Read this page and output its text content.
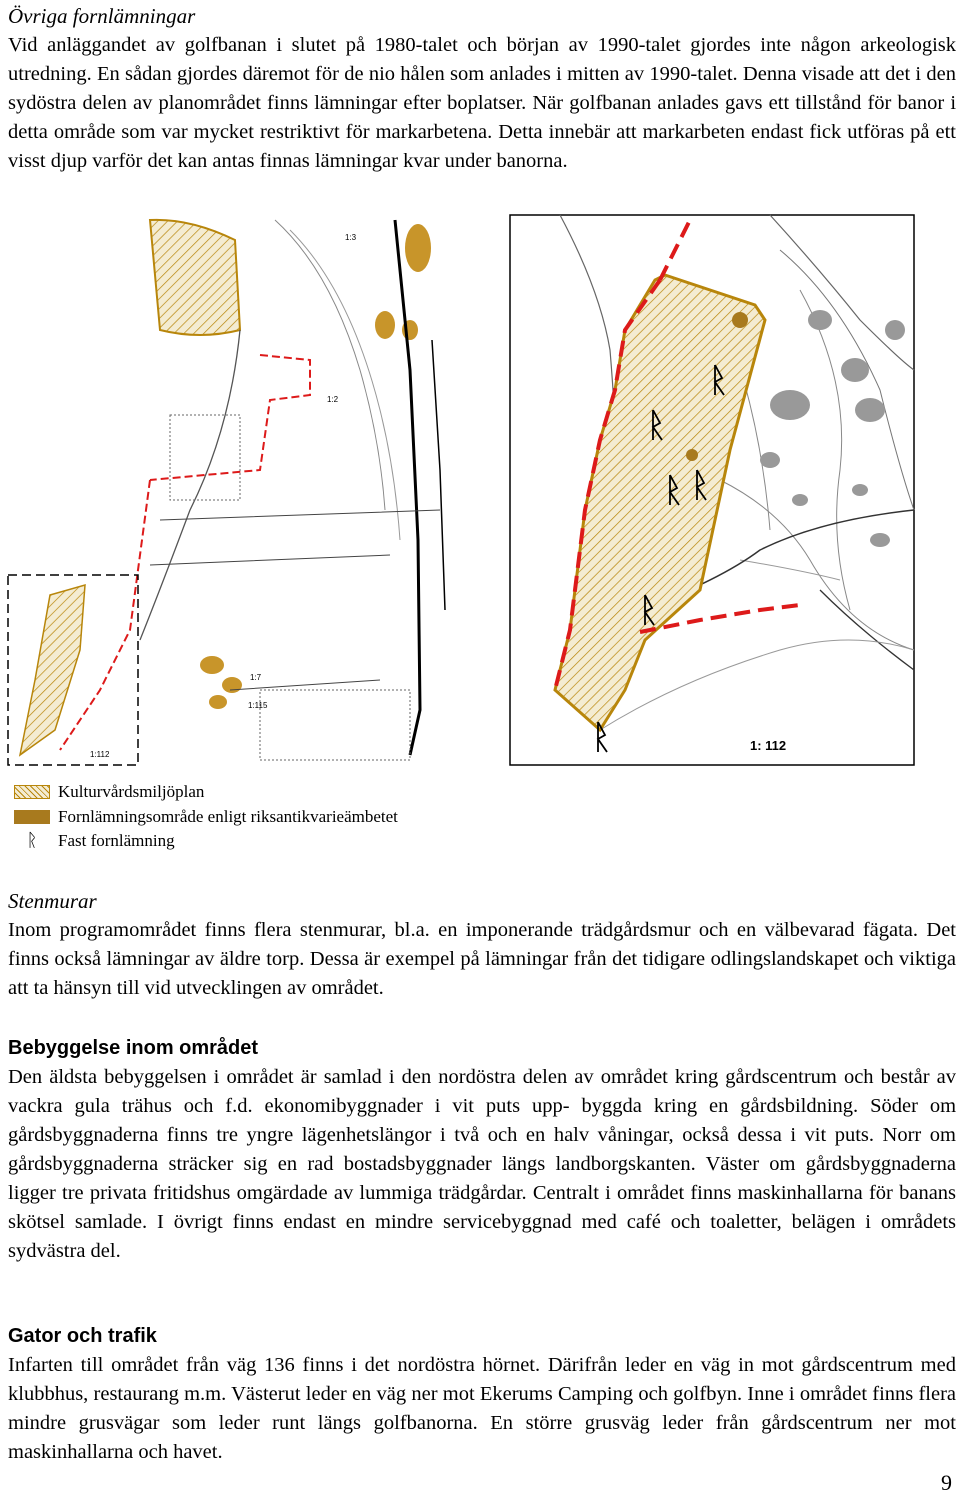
Övriga fornlämningar

Vid anläggandet av golfbanan i slutet på 1980-talet och början av 1990-talet gjordes inte någon arkeologisk utredning. En sådan gjordes däremot för de nio hålen som anlades i mitten av 1990-talet. Denna visade att det i den sydöstra delen av planområdet finns lämningar efter boplatser. När golfbanan anlades gavs ett tillstånd för banor i detta område som var mycket restriktivt för markarbetena. Detta innebär att markarbeten endast fick utföras på ett visst djup varför det kan antas finnas lämningar kvar under banorna.

1:2
1:3
1:115
1:7
1:112
1: 112
Kulturvårdsmiljöplan
Fornlämningsområde enligt riksantikvarieämbetet
ᚱ	Fast fornlämning
Stenmurar

Inom programområdet finns flera stenmurar, bl.a. en imponerande trädgårdsmur och en välbevarad fägata. Det finns också lämningar av äldre torp. Dessa är exempel på lämningar från det tidigare odlingslandskapet och viktiga att ta hänsyn till vid utvecklingen av området.

Bebyggelse inom området

Den äldsta bebyggelsen i området är samlad i den nordöstra delen av området kring gårdscentrum och består av vackra gula trähus och f.d. ekonomibyggnader i vit puts upp- byggda kring en gårdsbildning. Söder om gårdsbyggnaderna finns tre yngre lägenhetslängor i två och en halv våningar, också dessa i vit puts. Norr om gårdsbyggnaderna sträcker sig en rad bostadsbyggnader längs landborgskanten. Väster om gårdsbyggnaderna ligger tre privata fritidshus omgärdade av lummiga trädgårdar. Centralt i området finns maskinhallarna för banans skötsel samlade. I övrigt finns endast en mindre servicebyggnad med café och toaletter, belägen i områdets sydvästra del.

Gator och trafik

Infarten till området från väg 136 finns i det nordöstra hörnet. Därifrån leder en väg in mot gårdscentrum med klubbhus, restaurang m.m. Västerut leder en väg ner mot Ekerums Camping och golfbyn. Inne i området finns flera mindre grusvägar som leder runt längs golfbanorna. En större grusväg leder från gårdscentrum ner mot maskinhallarna och havet.

9
